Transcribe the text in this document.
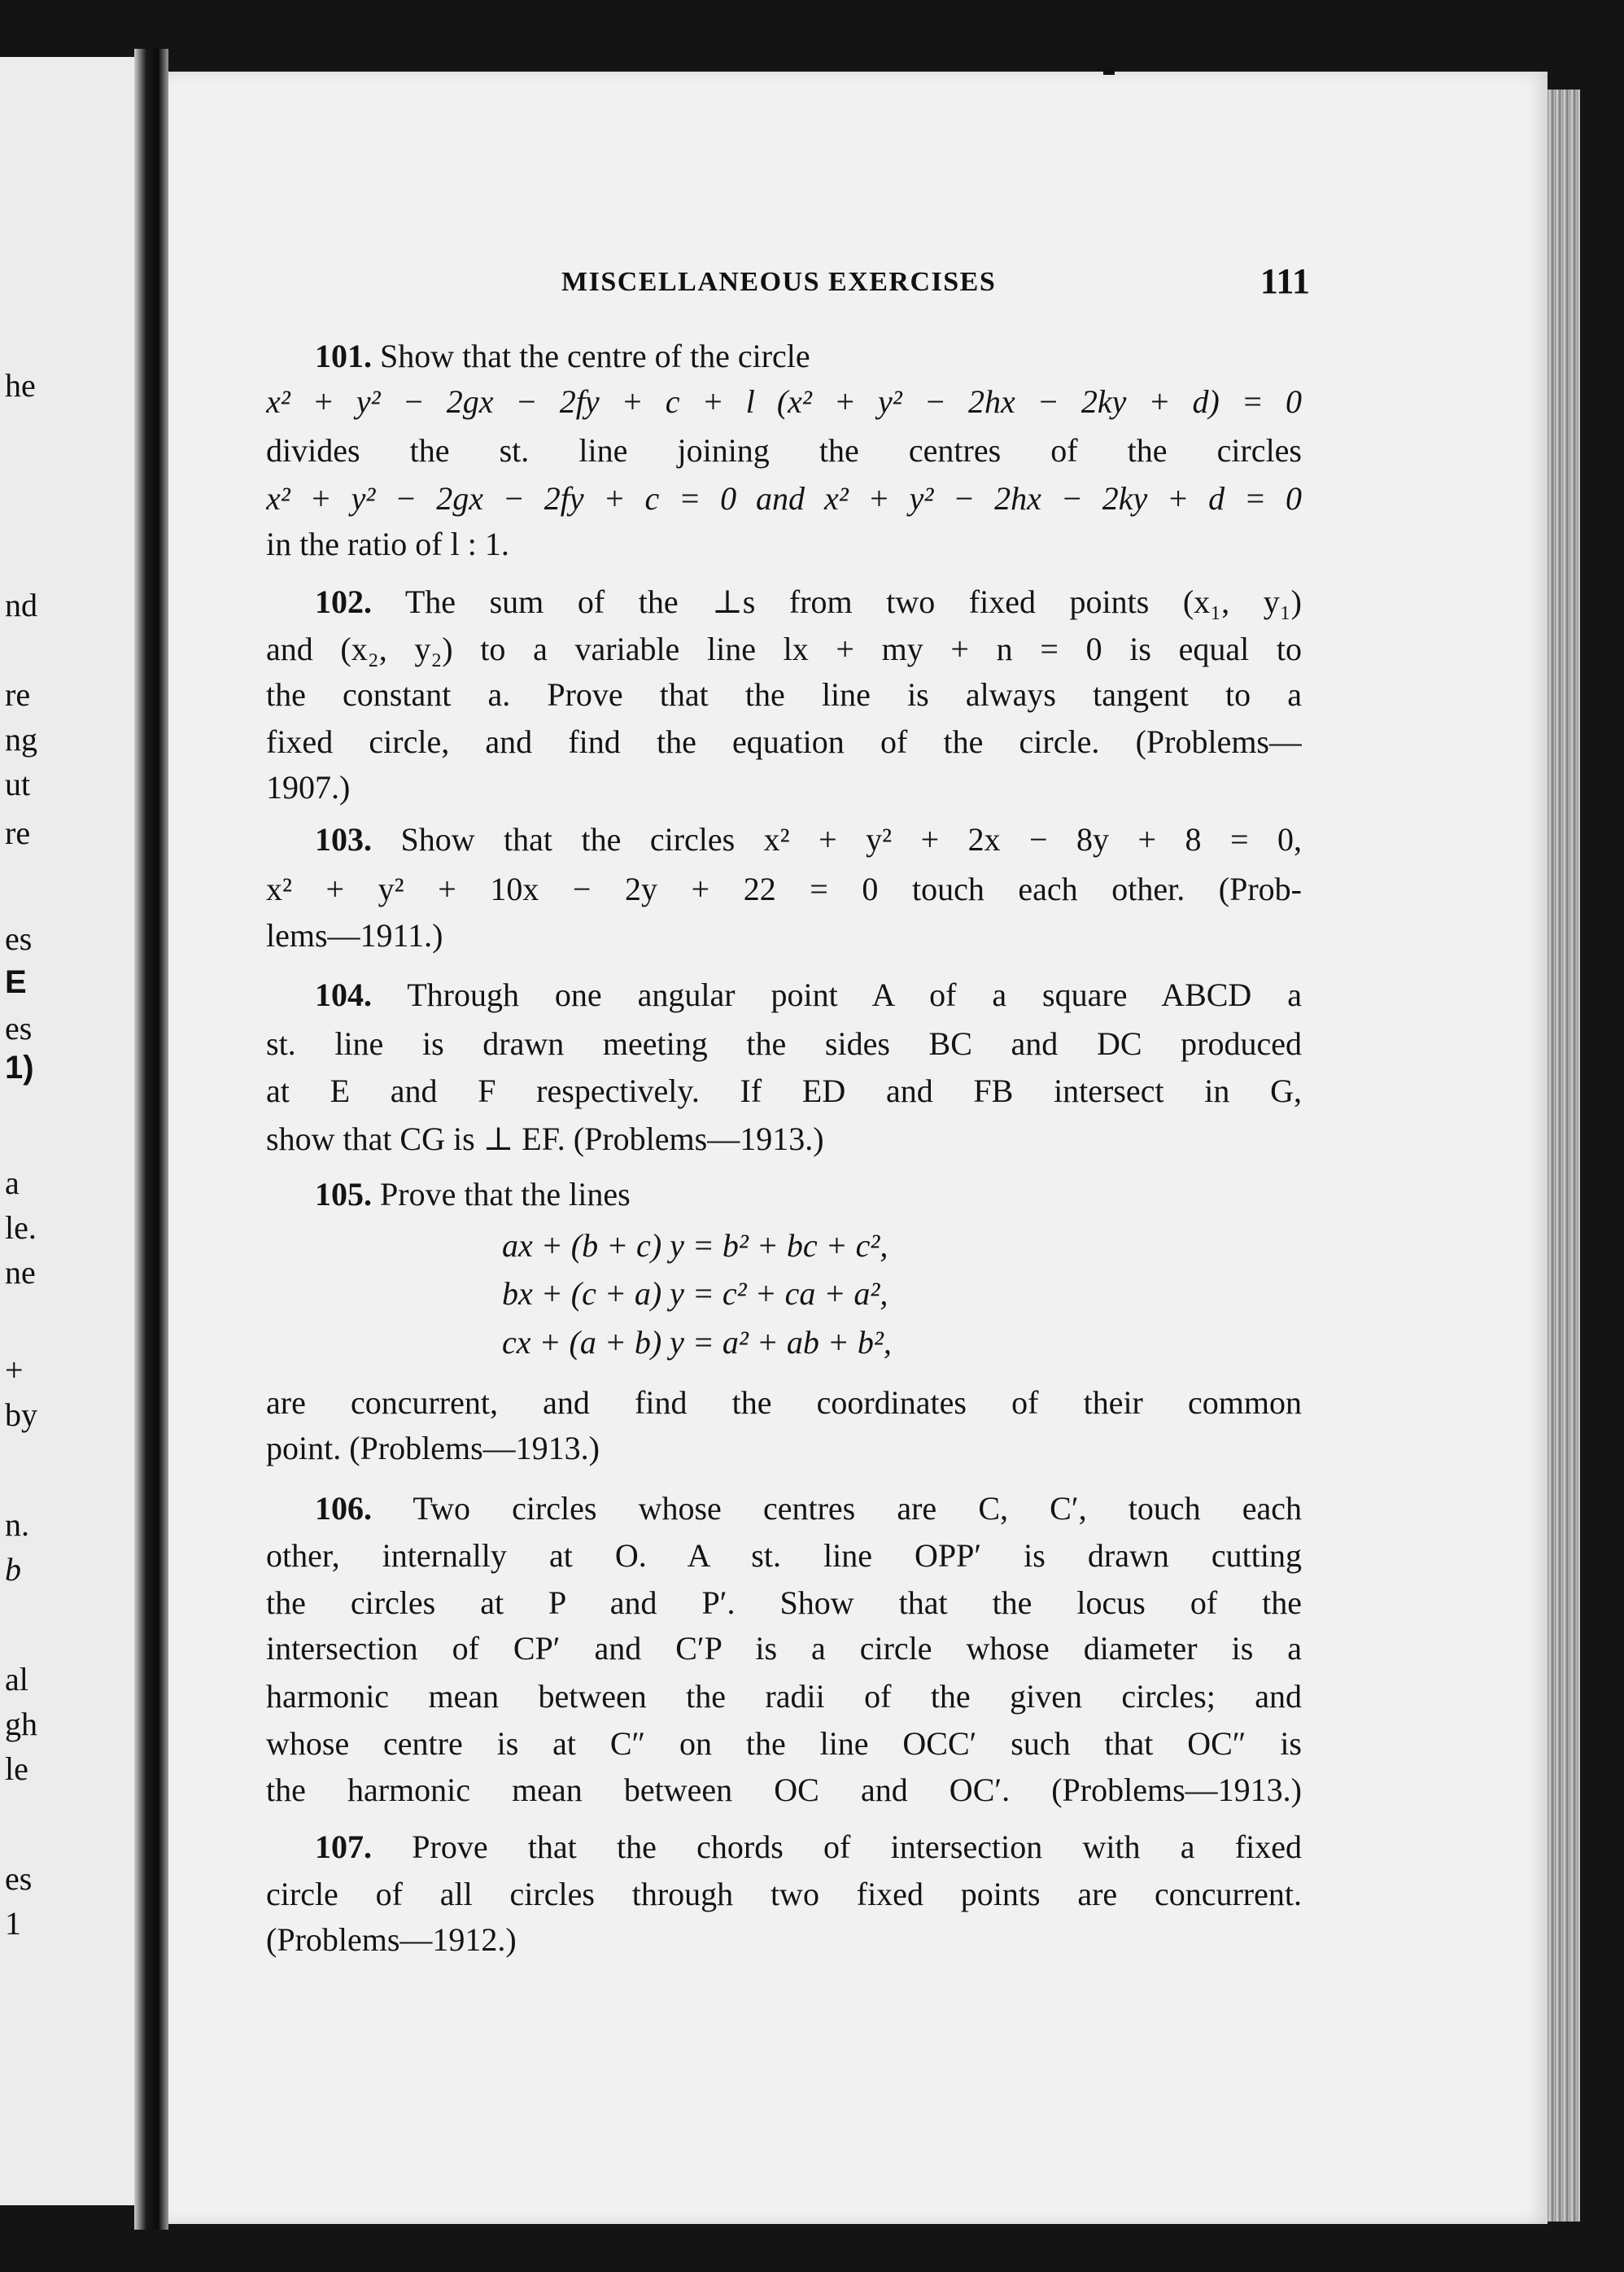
he
nd
re
ng
ut
re
es
E
es
1)
a
le.
ne
+
by
n.
b
al
gh
le
es
1
MISCELLANEOUS EXERCISES	111
101. Show that the centre of the circle
x² + y² − 2gx − 2fy + c + l (x² + y² − 2hx − 2ky + d) = 0
divides the st. line joining the centres of the circles
x² + y² − 2gx − 2fy + c = 0 and x² + y² − 2hx − 2ky + d = 0
in the ratio of l : 1.
102. The sum of the ⊥s from two fixed points (x₁, y₁)
and (x₂, y₂) to a variable line lx + my + n = 0 is equal to
the constant a. Prove that the line is always tangent to a
fixed circle, and find the equation of the circle. (Problems—
1907.)
103. Show that the circles x² + y² + 2x − 8y + 8 = 0,
x² + y² + 10x − 2y + 22 = 0 touch each other. (Prob-
lems—1911.)
104. Through one angular point A of a square ABCD a
st. line is drawn meeting the sides BC and DC produced
at E and F respectively. If ED and FB intersect in G,
show that CG is ⊥ EF. (Problems—1913.)
105. Prove that the lines
ax + (b + c) y = b² + bc + c²,
bx + (c + a) y = c² + ca + a²,
cx + (a + b) y = a² + ab + b²,
are concurrent, and find the coordinates of their common
point. (Problems—1913.)
106. Two circles whose centres are C, C′, touch each
other, internally at O. A st. line OPP′ is drawn cutting
the circles at P and P′. Show that the locus of the
intersection of CP′ and C′P is a circle whose diameter is a
harmonic mean between the radii of the given circles; and
whose centre is at C″ on the line OCC′ such that OC″ is
the harmonic mean between OC and OC′. (Problems—1913.)
107. Prove that the chords of intersection with a fixed
circle of all circles through two fixed points are concurrent.
(Problems—1912.)
